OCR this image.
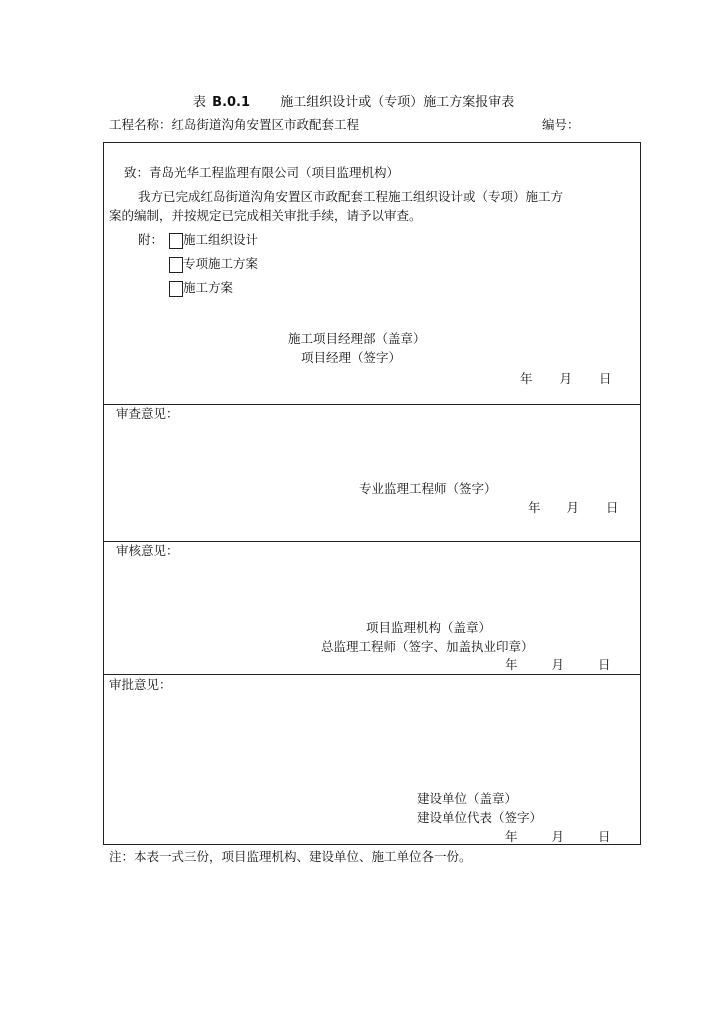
表 B.0.1 施工组织设计或（专项）施工方案报审表
工程名称：红岛街道沟角安置区市政配套工程	编号：
致：青岛光华工程监理有限公司（项目监理机构）
我方已完成红岛街道沟角安置区市政配套工程施工组织设计或（专项）施工方
案的编制，并按规定已完成相关审批手续，请予以审查。
附： 施工组织设计
专项施工方案
施工方案
施工项目经理部（盖章）
项目经理（签字）
年 月 日
审查意见：
专业监理工程师（签字）
年 月 日
审核意见：
项目监理机构（盖章）
总监理工程师（签字、加盖执业印章）
年	月	日
审批意见：
建设单位（盖章）
建设单位代表（签字）
年	月	日
注：本表一式三份，项目监理机构、建设单位、施工单位各一份。
